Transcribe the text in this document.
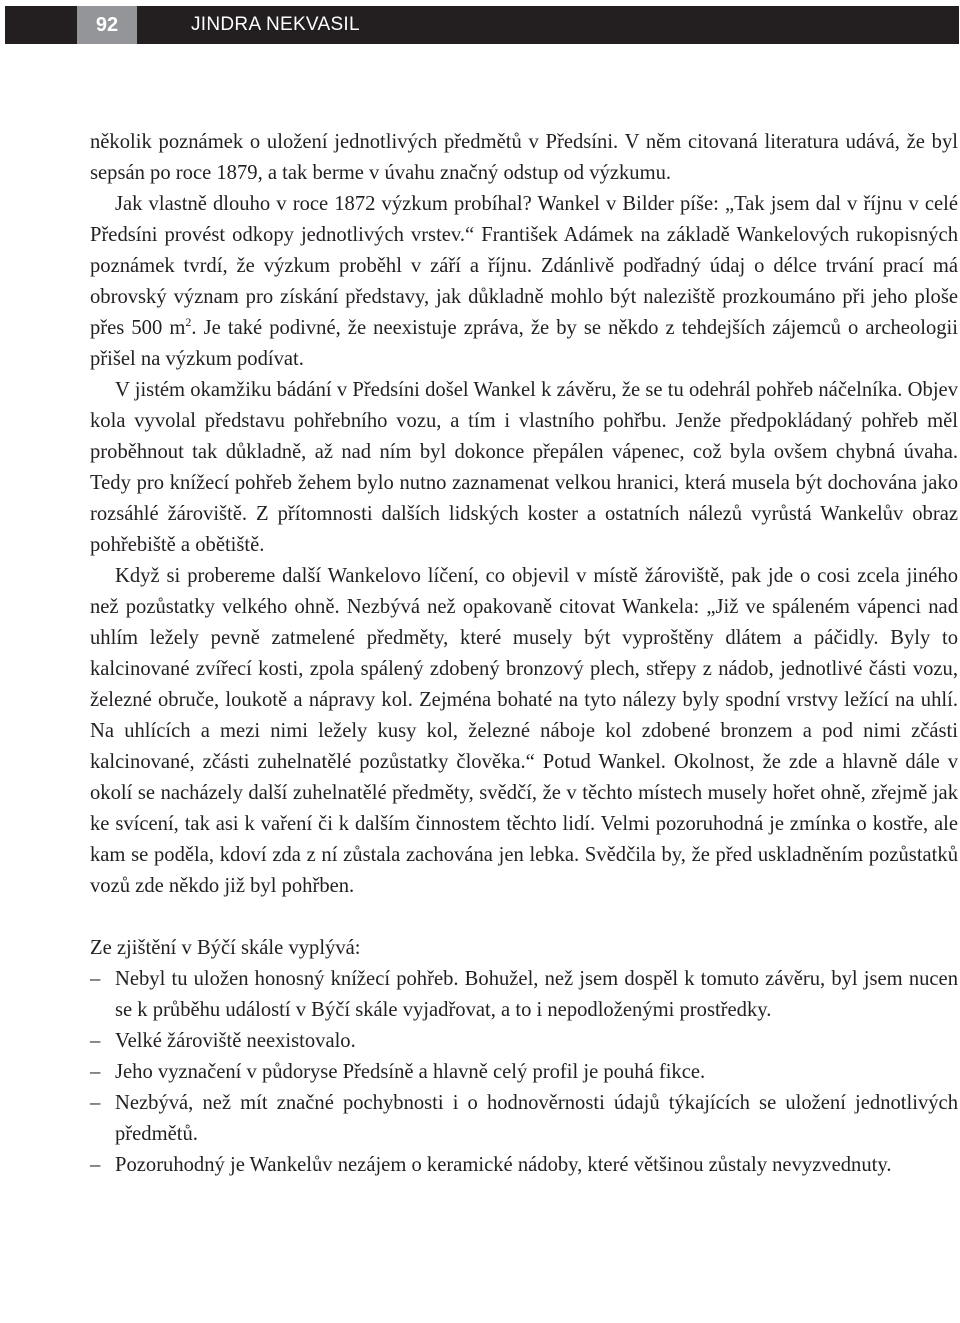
92	JINDRA NEKVASIL

několik poznámek o uložení jednotlivých předmětů v Předsíni. V něm citovaná literatura udává, že byl sepsán po roce 1879, a tak berme v úvahu značný odstup od výzkumu.

Jak vlastně dlouho v roce 1872 výzkum probíhal? Wankel v Bilder píše: „Tak jsem dal v říjnu v celé Předsíni provést odkopy jednotlivých vrstev.“ František Adámek na základě Wankelových rukopisných poznámek tvrdí, že výzkum proběhl v září a říjnu. Zdánlivě podřadný údaj o délce trvání prací má obrovský význam pro získání představy, jak důkladně mohlo být naleziště prozkoumáno při jeho ploše přes 500 $m^2$. Je také podivné, že neexistuje zpráva, že by se někdo z tehdejších zájemců o archeologii přišel na výzkum podívat.

V jistém okamžiku bádání v Předsíni došel Wankel k závěru, že se tu odehrál pohřeb náčelníka. Objev kola vyvolal představu pohřebního vozu, a tím i vlastního pohřbu. Jenže předpokládaný pohřeb měl proběhnout tak důkladně, až nad ním byl dokonce přepálen vápenec, což byla ovšem chybná úvaha. Tedy pro knížecí pohřeb žehem bylo nutno zaznamenat velkou hranici, která musela být dochována jako rozsáhlé žároviště. Z přítomnosti dalších lidských koster a ostatních nálezů vyrůstá Wankelův obraz pohřebiště a obětiště.

Když si probereme další Wankelovo líčení, co objevil v místě žároviště, pak jde o cosi zcela jiného než pozůstatky velkého ohně. Nezbývá než opakovaně citovat Wankela: „Již ve spáleném vápenci nad uhlím ležely pevně zatmelené předměty, které musely být vyproštěny dlátem a páčidly. Byly to kalcinované zvířecí kosti, zpola spálený zdobený bronzový plech, střepy z nádob, jednotlivé části vozu, železné obruče, loukotě a nápravy kol. Zejména bohaté na tyto nálezy byly spodní vrstvy ležící na uhlí. Na uhlících a mezi nimi ležely kusy kol, železné náboje kol zdobené bronzem a pod nimi zčásti kalcinované, zčásti zuhelnatělé pozůstatky člověka.“ Potud Wankel. Okolnost, že zde a hlavně dále v okolí se nacházely další zuhelnatělé předměty, svědčí, že v těchto místech musely hořet ohně, zřejmě jak ke svícení, tak asi k vaření či k dalším činnostem těchto lidí. Velmi pozoruhodná je zmínka o kostře, ale kam se poděla, kdoví zda z ní zůstala zachována jen lebka. Svědčila by, že před uskladněním pozůstatků vozů zde někdo již byl pohřben.

Ze zjištění v Býčí skále vyplývá:

– Nebyl tu uložen honosný knížecí pohřeb. Bohužel, než jsem dospěl k tomuto závěru, byl jsem nucen se k průběhu událostí v Býčí skále vyjadřovat, a to i nepodloženými prostředky.
– Velké žároviště neexistovalo.
– Jeho vyznačení v půdoryse Předsíně a hlavně celý profil je pouhá fikce.
– Nezbývá, než mít značné pochybnosti i o hodnověrnosti údajů týkajících se uložení jednotlivých předmětů.
– Pozoruhodný je Wankelův nezájem o keramické nádoby, které většinou zůstaly nevyzvednuty.
